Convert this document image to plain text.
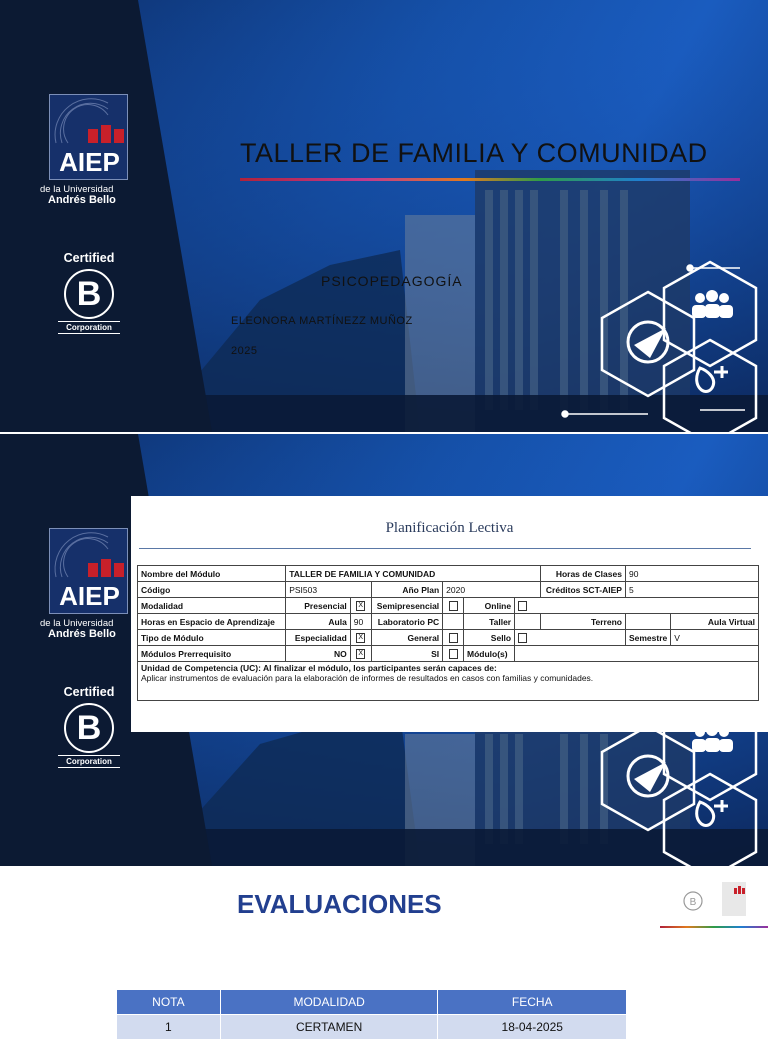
AIEP
de la Universidad
Andrés Bello
Certified
B
Corporation
TALLER DE FAMILIA Y COMUNIDAD
PSICOPEDAGOGÍA
ELEONORA MARTÍNEZZ MUÑOZ
2025
AIEP
de la Universidad
Andrés Bello
Certified
B
Corporation
Planificación Lectiva
Nombre del Módulo	TALLER DE FAMILIA Y COMUNIDAD						Horas de Clases	90	
Código	PSI503		Año Plan	2020			Créditos SCT-AIEP	5	
Modalidad	Presencial	X	Semipresencial		Online				
Horas en Espacio de Aprendizaje	Aula	90	Laboratorio PC		Taller		Terreno		Aula Virtual
Tipo de Módulo	Especialidad	X	General		Sello			Semestre	V
Módulos Prerrequisito	NO	X	SI		Módulo(s)				

Unidad de Competencia (UC): Al finalizar el módulo, los participantes serán capaces de:
Aplicar instrumentos de evaluación para la elaboración de informes de resultados en casos con familias y comunidades.									
EVALUACIONES	B
NOTA	MODALIDAD	FECHA
1	CERTAMEN	18-04-2025
